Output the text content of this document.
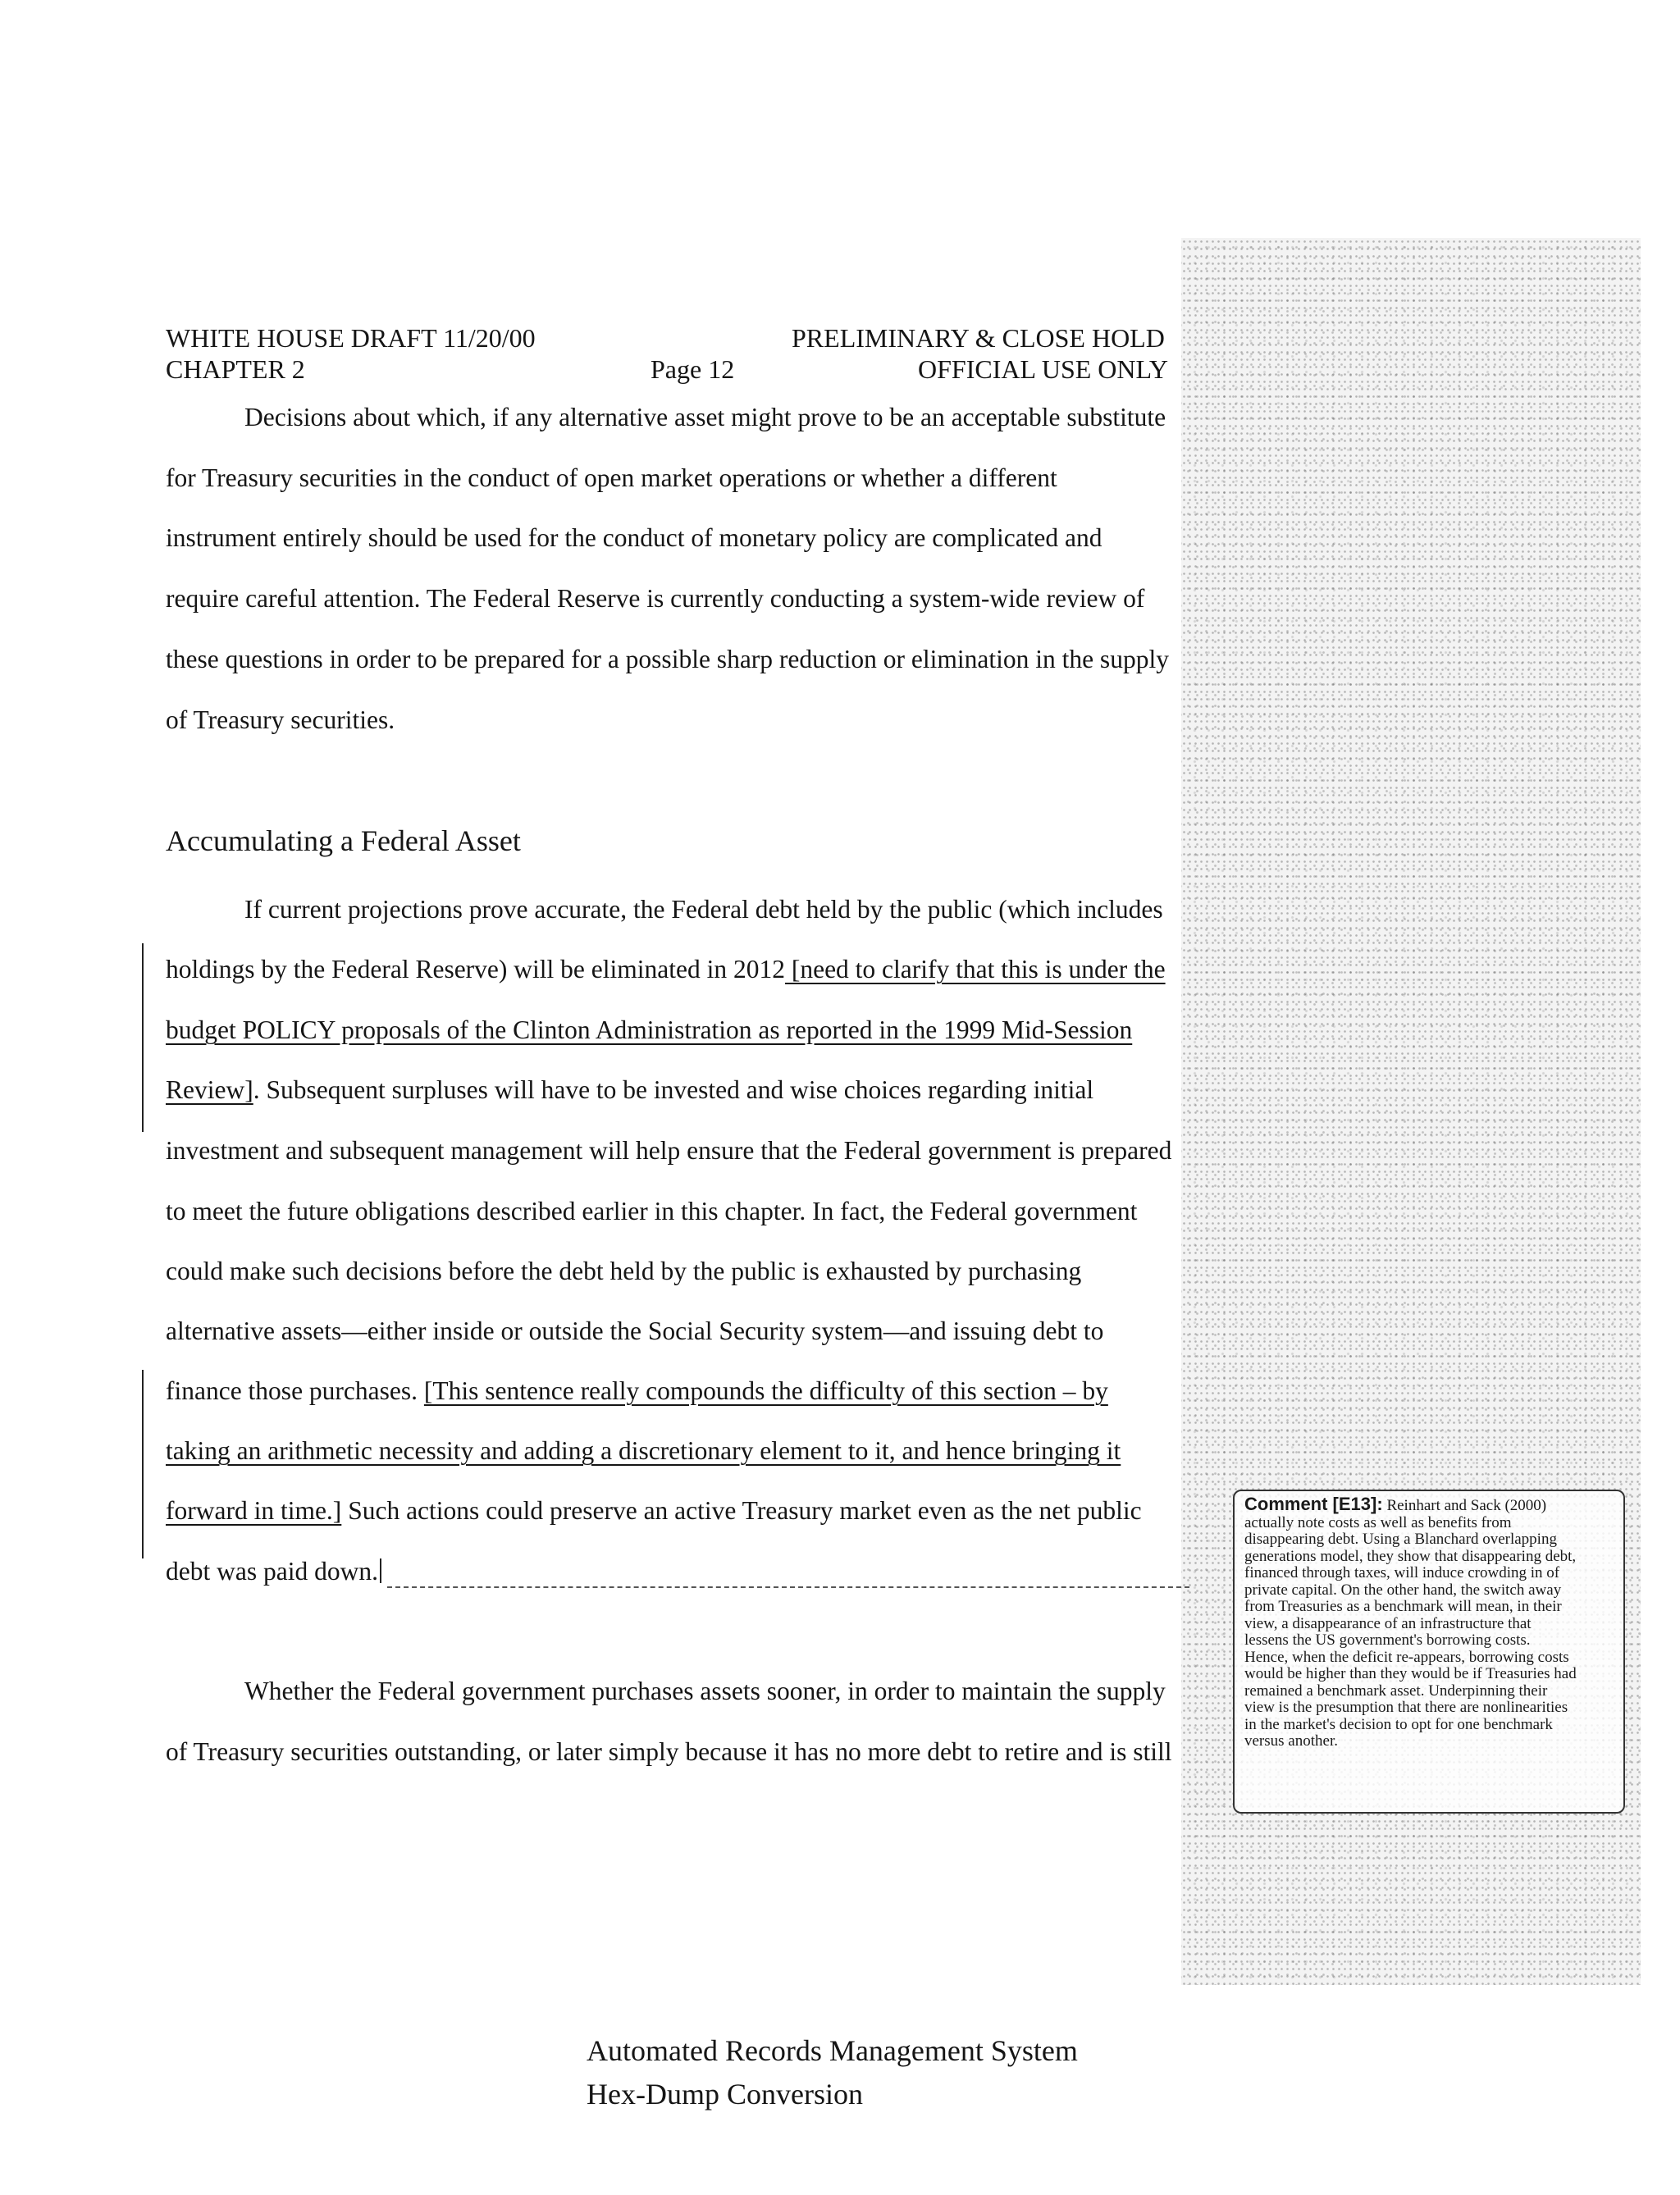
WHITE HOUSE DRAFT 11/20/00
CHAPTER 2	Page 12
PRELIMINARY & CLOSE HOLD
OFFICIAL USE ONLY
Decisions about which, if any alternative asset might prove to be an acceptable substitute
for Treasury securities in the conduct of open market operations or whether a different
instrument entirely should be used for the conduct of monetary policy are complicated and
require careful attention. The Federal Reserve is currently conducting a system-wide review of
these questions in order to be prepared for a possible sharp reduction or elimination in the supply
of Treasury securities.
Accumulating a Federal Asset
If current projections prove accurate, the Federal debt held by the public (which includes
holdings by the Federal Reserve) will be eliminated in 2012 [need to clarify that this is under the
budget POLICY proposals of the Clinton Administration as reported in the 1999 Mid-Session
Review]. Subsequent surpluses will have to be invested and wise choices regarding initial
investment and subsequent management will help ensure that the Federal government is prepared
to meet the future obligations described earlier in this chapter. In fact, the Federal government
could make such decisions before the debt held by the public is exhausted by purchasing
alternative assets—either inside or outside the Social Security system—and issuing debt to
finance those purchases. [This sentence really compounds the difficulty of this section – by
taking an arithmetic necessity and adding a discretionary element to it, and hence bringing it
forward in time.] Such actions could preserve an active Treasury market even as the net public
debt was paid down.
Comment [E13]: Reinhart and Sack (2000)
actually note costs as well as benefits from
disappearing debt. Using a Blanchard overlapping
generations model, they show that disappearing debt,
financed through taxes, will induce crowding in of
private capital. On the other hand, the switch away
from Treasuries as a benchmark will mean, in their
view, a disappearance of an infrastructure that
lessens the US government's borrowing costs.
Hence, when the deficit re-appears, borrowing costs
would be higher than they would be if Treasuries had
remained a benchmark asset. Underpinning their
view is the presumption that there are nonlinearities
in the market's decision to opt for one benchmark
versus another.
Whether the Federal government purchases assets sooner, in order to maintain the supply
of Treasury securities outstanding, or later simply because it has no more debt to retire and is still
Automated Records Management System
Hex-Dump Conversion
